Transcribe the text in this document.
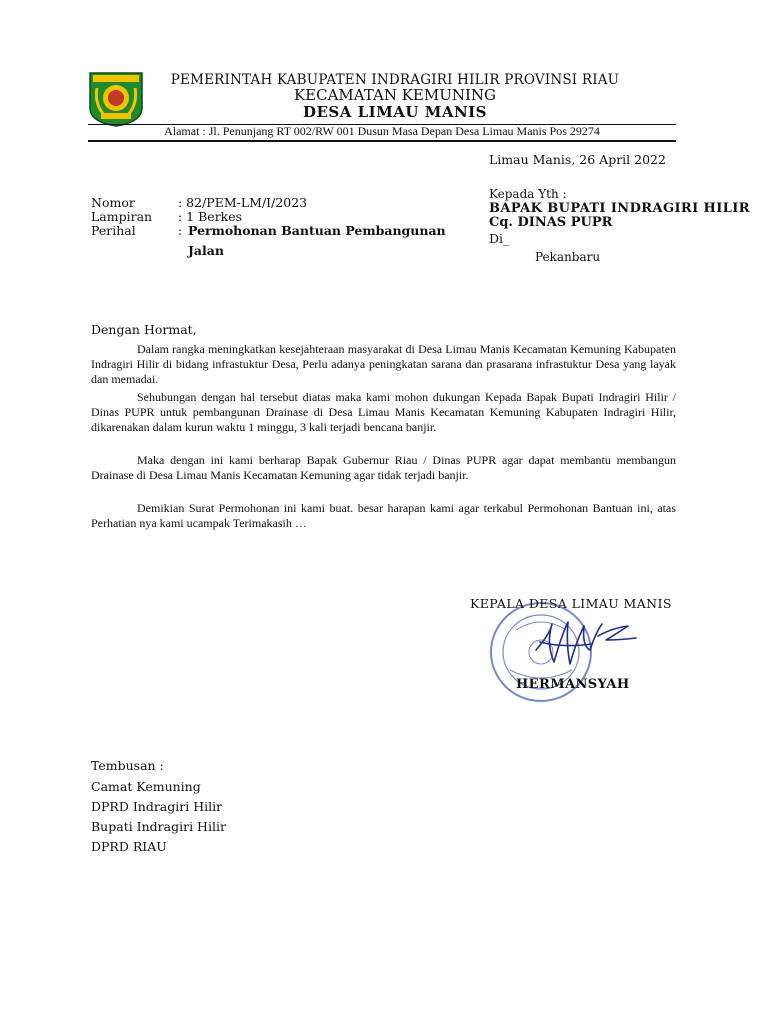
PEMERINTAH KABUPATEN INDRAGIRI HILIR PROVINSI RIAU
KECAMATAN KEMUNING
DESA LIMAU MANIS
Alamat : Jl. Penunjang RT 002/RW 001 Dusun Masa Depan Desa Limau Manis Pos 29274
Limau Manis, 26 April 2022
Nomor	: 82/PEM-LM/I/2023
Lampiran : 1 Berkes
Perihal	: Permohonan Bantuan Pembangunan
Jalan
Kepada Yth :
BAPAK BUPATI INDRAGIRI HILIR
Cq. DINAS PUPR
Di_
Pekanbaru
Dengan Hormat,
Dalam rangka meningkatkan kesejahteraan masyarakat di Desa Limau Manis Kecamatan Kemuning Kabupaten Indragiri Hilir di bidang infrastuktur Desa, Perlu adanya peningkatan sarana dan prasarana infrastuktur Desa yang layak dan memadai.
Sehubungan dengan hal tersebut diatas maka kami mohon dukungan Kepada Bapak Bupati Indragiri Hilir / Dinas PUPR untuk pembangunan Drainase di Desa Limau Manis Kecamatan Kemuning Kabupaten Indragiri Hilir, dikarenakan dalam kurun waktu 1 minggu, 3 kali terjadi bencana banjir.
Maka dengan ini kami berharap Bapak Gubernur Riau / Dinas PUPR agar dapat membantu membangun Drainase di Desa Limau Manis Kecamatan Kemuning agar tidak terjadi banjir.
Demikian Surat Permohonan ini kami buat. besar harapan kami agar terkabul Permohonan Bantuan ini, atas Perhatian nya kami ucampak Terimakasih …
KEPALA DESA LIMAU MANIS
HERMANSYAH
Tembusan :
Camat Kemuning
DPRD Indragiri Hilir
Bupati Indragiri Hilir
DPRD RIAU
